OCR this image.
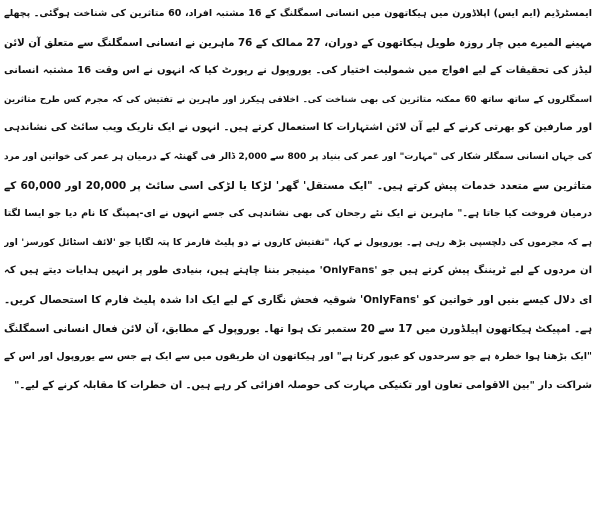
ایمسٹرڈیم (ایم ایس) اپلاڈورن میں ہیکاتھون میں انسانی اسمگلنگ کے 16 مشتبہ افراد، 60 متاثرین کی شناخت ہوگئی۔ پچھلے
مہینے المیرے میں چار روزہ طویل ہیکاتھون کے دوران، 27 ممالک کے 76 ماہرین نے انسانی اسمگلنگ سے متعلق آن لائن
لیڈز کی تحقیقات کے لیے افواج میں شمولیت اختیار کی۔ یوروپول نے رپورٹ کیا کہ انہوں نے اس وقت 16 مشتبہ انسانی
اسمگلروں کے ساتھ ساتھ 60 ممکنہ متاثرین کی بھی شناخت کی۔ اخلاقی ہیکرز اور ماہرین نے تفتیش کی کہ مجرم کس طرح متاثرین
اور صارفین کو بھرتی کرنے کے لیے آن لائن اشتہارات کا استعمال کرتے ہیں۔ انہوں نے ایک تاریک ویب سائٹ کی نشاندہی
کی جہاں انسانی سمگلر شکار کی "مہارت" اور عمر کی بنیاد پر 800 سے 2,000 ڈالر فی گھنٹہ کے درمیان ہر عمر کی خواتین اور مرد
متاثرین سے متعدد خدمات پیش کرتے ہیں۔ "ایک مستقل' گھر' لڑکا یا لڑکی اسی سائٹ پر 20,000 اور 60,000 کے
درمیان فروخت کیا جاتا ہے۔" ماہرین نے ایک نئے رجحان کی بھی نشاندہی کی جسے انہوں نے ای-پمپنگ کا نام دیا جو ایسا لگتا
ہے کہ مجرموں کی دلچسپی بڑھ رہی ہے۔ یوروپول نے کہا، "تفتیش کاروں نے دو پلیٹ فارمز کا پتہ لگایا جو 'لائف اسٹائل کورسز' اور
ان مردوں کے لیے ٹریننگ پیش کرتے ہیں جو 'OnlyFans' مینیجر بننا چاہتے ہیں، بنیادی طور پر انہیں ہدایات دیتے ہیں کہ
ای دلال کیسے بنیں اور خواتین کو 'OnlyFans' شوقیہ فحش نگاری کے لیے ایک ادا شدہ پلیٹ فارم کا استحصال کریں۔
ہے۔ امپیکٹ ہیکاتھون اپیلڈورن میں 17 سے 20 ستمبر تک ہوا تھا۔ یوروپول کے مطابق، آن لائن فعال انسانی اسمگلنگ
"ایک بڑھتا ہوا خطرہ ہے جو سرحدوں کو عبور کرتا ہے" اور ہیکاتھون ان طریقوں میں سے ایک ہے جس سے یوروپول اور اس کے
شراکت دار "بین الاقوامی تعاون اور تکنیکی مہارت کی حوصلہ افزائی کر رہے ہیں۔ ان خطرات کا مقابلہ کرنے کے لیے۔"
